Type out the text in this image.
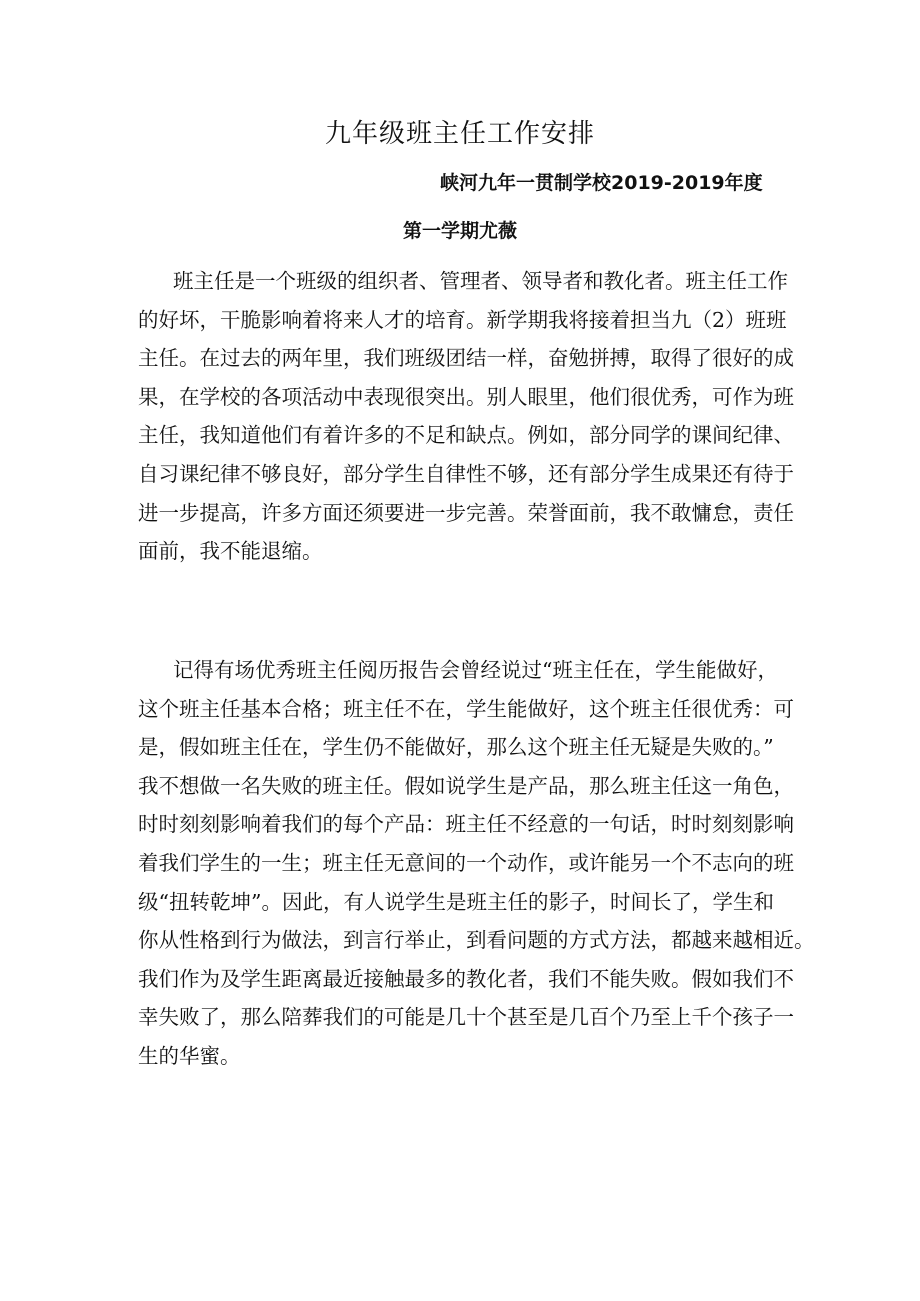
九年级班主任工作安排
峡河九年一贯制学校2019-2019年度
第一学期尤薇
班主任是一个班级的组织者、管理者、领导者和教化者。班主任工作
的好坏，干脆影响着将来人才的培育。新学期我将接着担当九（2）班班
主任。在过去的两年里，我们班级团结一样，奋勉拼搏，取得了很好的成
果，在学校的各项活动中表现很突出。别人眼里，他们很优秀，可作为班
主任，我知道他们有着许多的不足和缺点。例如，部分同学的课间纪律、
自习课纪律不够良好，部分学生自律性不够，还有部分学生成果还有待于
进一步提高，许多方面还须要进一步完善。荣誉面前，我不敢慵怠，责任
面前，我不能退缩。
记得有场优秀班主任阅历报告会曾经说过“班主任在，学生能做好，
这个班主任基本合格；班主任不在，学生能做好，这个班主任很优秀：可
是，假如班主任在，学生仍不能做好，那么这个班主任无疑是失败的。”
我不想做一名失败的班主任。假如说学生是产品，那么班主任这一角色，
时时刻刻影响着我们的每个产品：班主任不经意的一句话，时时刻刻影响
着我们学生的一生；班主任无意间的一个动作，或许能另一个不志向的班
级“扭转乾坤”。因此，有人说学生是班主任的影子，时间长了，学生和
你从性格到行为做法，到言行举止，到看问题的方式方法，都越来越相近。
我们作为及学生距离最近接触最多的教化者，我们不能失败。假如我们不
幸失败了，那么陪葬我们的可能是几十个甚至是几百个乃至上千个孩子一
生的华蜜。
